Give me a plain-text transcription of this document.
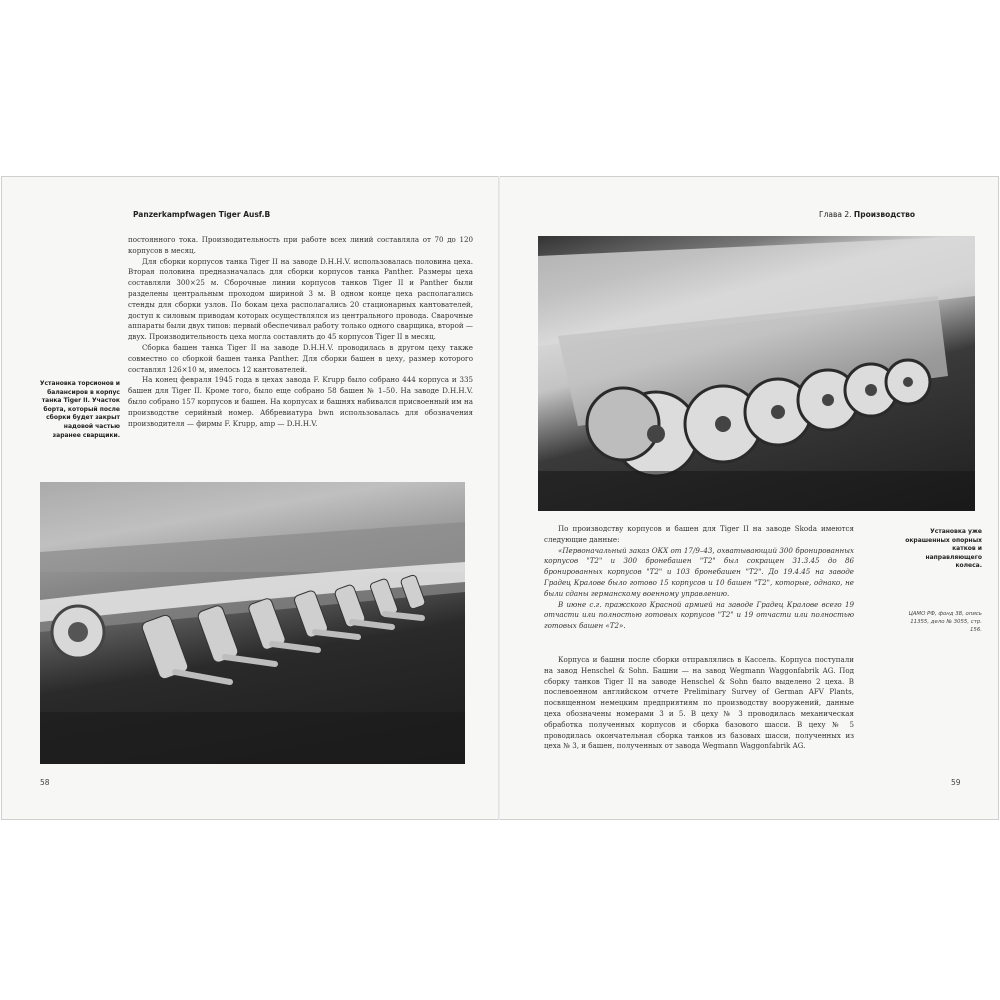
Panzerkampfwagen Tiger Ausf.B

постоянного тока. Производительность при работе всех линий составляла от 70 до 120 корпусов в месяц.

Для сборки корпусов танка Tiger II на заводе D.H.H.V. использовалась половина цеха. Вторая половина предназначалась для сборки корпусов танка Panther. Размеры цеха составляли 300×25 м. Сборочные линии корпусов танков Tiger II и Panther были разделены центральным проходом шириной 3 м. В одном конце цеха располагались стенды для сборки узлов. По бокам цеха располагались 20 стационарных кантователей, доступ к силовым приводам которых осуществлялся из центрального провода. Сварочные аппараты были двух типов: первый обеспечивал работу только одного сварщика, второй — двух. Производительность цеха могла составлять до 45 корпусов Tiger II в месяц.

Сборка башен танка Tiger II на заводе D.H.H.V. проводилась в другом цеху также совместно со сборкой башен танка Panther. Для сборки башен в цеху, размер которого составлял 126×10 м, имелось 12 кантователей.

На конец февраля 1945 года в цехах завода F. Krupp было собрано 444 корпуса и 335 башен для Tiger II. Кроме того, было еще собрано 58 башен № 1–50. На заводе D.H.H.V. было собрано 157 корпусов и башен. На корпусах и башнях набивался присвоенный им на производстве серийный номер. Аббревиатура bwn использовалась для обозначения производителя — фирмы F. Krupp, amp — D.H.H.V.

Установка торсионов и балансиров в корпус танка Tiger II. Участок борта, который после сборки будет закрыт надовой частью заранее сварщики.
58
Глава 2. Производство

По производству корпусов и башен для Tiger II на заводе Skoda имеются следующие данные:

«Первоначальный заказ ОКХ от 17/9–43, охватывающий 300 бронированных корпусов "Т2" и 300 бронебашен "Т2" был сокращен 31.3.45 до 86 бронированных корпусов "Т2" и 103 бронебашен "Т2". До 19.4.45 на заводе Градец Кралове было готово 15 корпусов и 10 башен "Т2", которые, однако, не были сданы германскому военному управлению.

В июне с.г. пражского Красной армией на заводе Градец Кралове всего 19 отчасти или полностью готовых корпусов "Т2" и 19 отчасти или полностью готовых башен «Т2».

Корпуса и башни после сборки отправлялись в Кассель. Корпуса поступали на завод Henschel & Sohn. Башни — на завод Wegmann Waggonfabrik AG. Под сборку танков Tiger II на заводе Henschel & Sohn было выделено 2 цеха. В послевоенном английском отчете Preliminary Survey of German AFV Plants, посвященном немецким предприятиям по производству вооружений, данные цеха обозначены номерами 3 и 5. В цеху № 3 проводилась механическая обработка полученных корпусов и сборка базового шасси. В цеху № 5 проводилась окончательная сборка танков из базовых шасси, полученных из цеха № 3, и башен, полученных от завода Wegmann Waggonfabrik AG.

Установка уже окрашенных опорных катков и направляющего колеса.
ЦАМО РФ, фонд 38, опись 11355, дело № 3055, стр. 156.
59
